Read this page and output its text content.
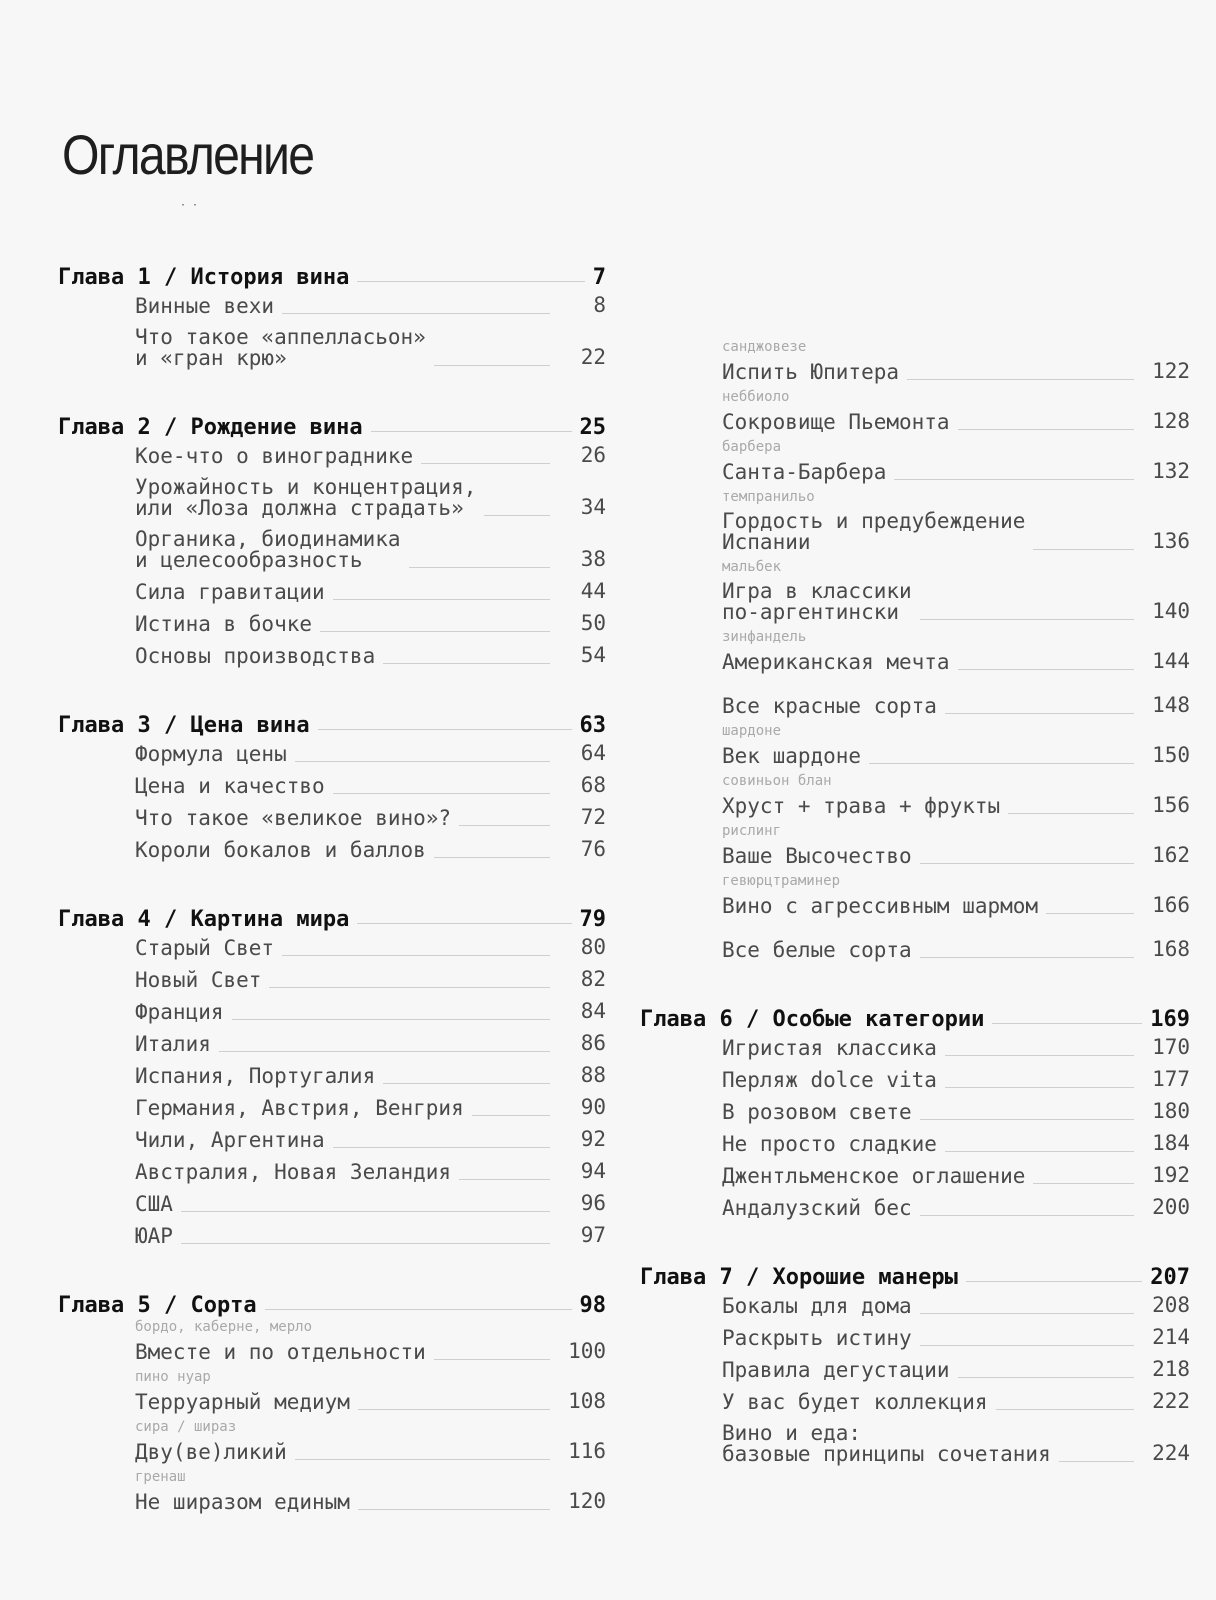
Оглавление
· ·
Глава 1 / История вина	7
Винные вехи	8
Что такое «аппелласьон»
и «гран крю»	22
Глава 2 / Рождение вина	25
Кое-что о винограднике	26
Урожайность и концентрация,
или «Лоза должна страдать»	34
Органика, биодинамика
и целесообразность	38
Сила гравитации	44
Истина в бочке	50
Основы производства	54
Глава 3 / Цена вина	63
Формула цены	64
Цена и качество	68
Что такое «великое вино»?	72
Короли бокалов и баллов	76
Глава 4 / Картина мира	79
Старый Свет	80
Новый Свет	82
Франция	84
Италия	86
Испания, Португалия	88
Германия, Австрия, Венгрия	90
Чили, Аргентина	92
Австралия, Новая Зеландия	94
США	96
ЮАР	97
Глава 5 / Сорта	98
бордо, каберне, мерло
Вместе и по отдельности	100
пино нуар
Терруарный медиум	108
сира / шираз
Дву(ве)ликий	116
гренаш
Не ширазом единым	120
санджовезе
Испить Юпитера	122
неббиоло
Сокровище Пьемонта	128
барбера
Санта-Барбера	132
темпранильо
Гордость и предубеждение
Испании	136
мальбек
Игра в классики
по-аргентински	140
зинфандель
Американская мечта	144
Все красные сорта	148
шардоне
Век шардоне	150
совиньон блан
Хруст + трава + фрукты	156
рислинг
Ваше Высочество	162
гевюрцтраминер
Вино с агрессивным шармом	166
Все белые сорта	168
Глава 6 / Особые категории	169
Игристая классика	170
Перляж dolce vita	177
В розовом свете	180
Не просто сладкие	184
Джентльменское оглашение	192
Андалузский бес	200
Глава 7 / Хорошие манеры	207
Бокалы для дома	208
Раскрыть истину	214
Правила дегустации	218
У вас будет коллекция	222
Вино и еда:
базовые принципы сочетания	224
